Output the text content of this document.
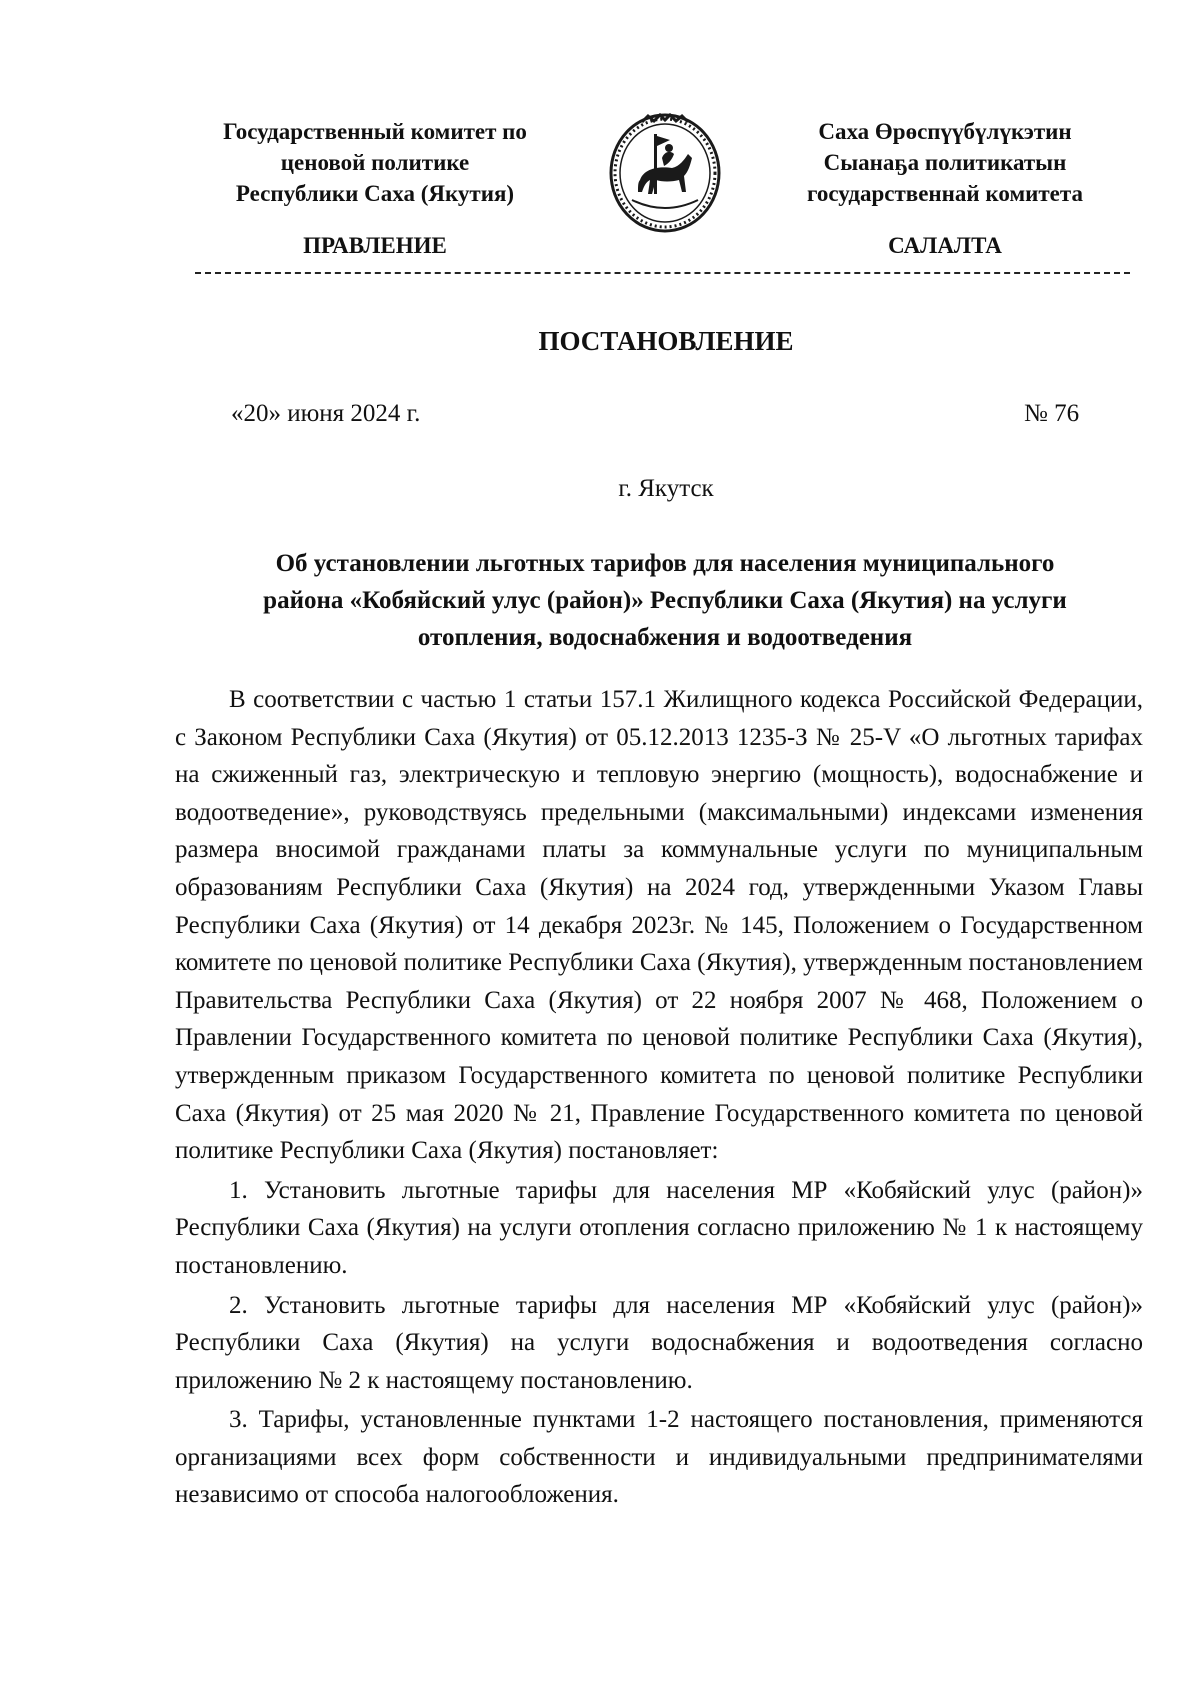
Государственный комитет по
ценовой политике
Республики Саха (Якутия)
Саха Өрөспүүбүлүкэтин
Сыанаҕа политикатын
государственнай комитета
ПРАВЛЕНИЕ	САЛАЛТА
ПОСТАНОВЛЕНИЕ
«20» июня 2024 г.	№ 76
г. Якутск
Об установлении льготных тарифов для населения муниципального
района «Кобяйский улус (район)» Республики Саха (Якутия) на услуги
отопления, водоснабжения и водоотведения

В соответствии с частью 1 статьи 157.1 Жилищного кодекса Российской Федерации, с Законом Республики Саха (Якутия) от 05.12.2013 1235-З № 25-V «О льготных тарифах на сжиженный газ, электрическую и тепловую энергию (мощность), водоснабжение и водоотведение», руководствуясь предельными (максимальными) индексами изменения размера вносимой гражданами платы за коммунальные услуги по муниципальным образованиям Республики Саха (Якутия) на 2024 год, утвержденными Указом Главы Республики Саха (Якутия) от 14 декабря 2023г. № 145, Положением о Государственном комитете по ценовой политике Республики Саха (Якутия), утвержденным постановлением Правительства Республики Саха (Якутия) от 22 ноября 2007 № 468, Положением о Правлении Государственного комитета по ценовой политике Республики Саха (Якутия), утвержденным приказом Государственного комитета по ценовой политике Республики Саха (Якутия) от 25 мая 2020 № 21, Правление Государственного комитета по ценовой политике Республики Саха (Якутия) постановляет:

1. Установить льготные тарифы для населения МР «Кобяйский улус (район)» Республики Саха (Якутия) на услуги отопления согласно приложению № 1 к настоящему постановлению.

2. Установить льготные тарифы для населения МР «Кобяйский улус (район)» Республики Саха (Якутия) на услуги водоснабжения и водоотведения согласно приложению № 2 к настоящему постановлению.

3. Тарифы, установленные пунктами 1-2 настоящего постановления, применяются организациями всех форм собственности и индивидуальными предпринимателями независимо от способа налогообложения.
